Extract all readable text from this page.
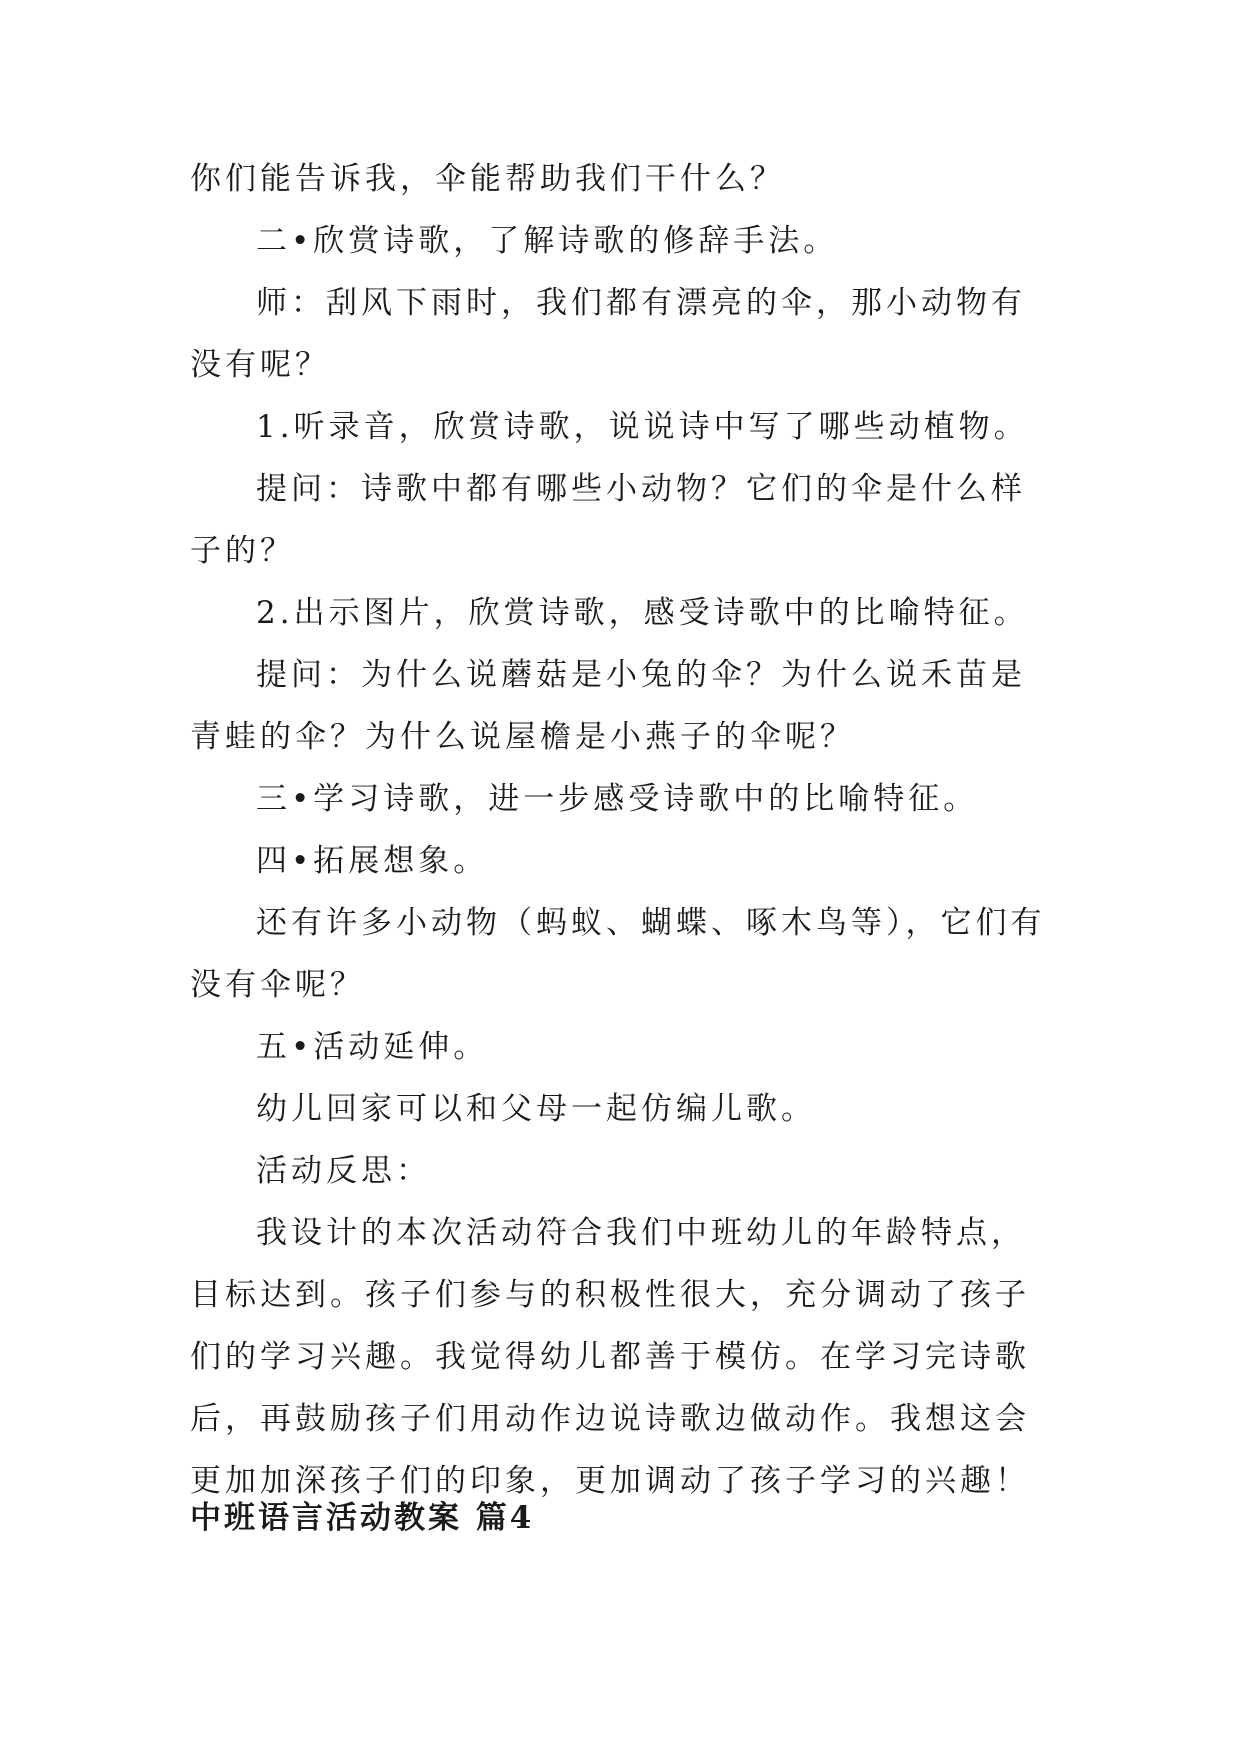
你们能告诉我，伞能帮助我们干什么？

二•欣赏诗歌，了解诗歌的修辞手法。

师：刮风下雨时，我们都有漂亮的伞，那小动物有没有呢？

1.听录音，欣赏诗歌，说说诗中写了哪些动植物。

提问：诗歌中都有哪些小动物？它们的伞是什么样子的？

2.出示图片，欣赏诗歌，感受诗歌中的比喻特征。

提问：为什么说蘑菇是小兔的伞？为什么说禾苗是青蛙的伞？为什么说屋檐是小燕子的伞呢？

三•学习诗歌，进一步感受诗歌中的比喻特征。

四•拓展想象。

还有许多小动物（蚂蚁、蝴蝶、啄木鸟等），它们有没有伞呢？

五•活动延伸。

幼儿回家可以和父母一起仿编儿歌。

活动反思：

我设计的本次活动符合我们中班幼儿的年龄特点，目标达到。孩子们参与的积极性很大，充分调动了孩子们的学习兴趣。我觉得幼儿都善于模仿。在学习完诗歌后，再鼓励孩子们用动作边说诗歌边做动作。我想这会更加加深孩子们的印象，更加调动了孩子学习的兴趣！

中班语言活动教案 篇4
